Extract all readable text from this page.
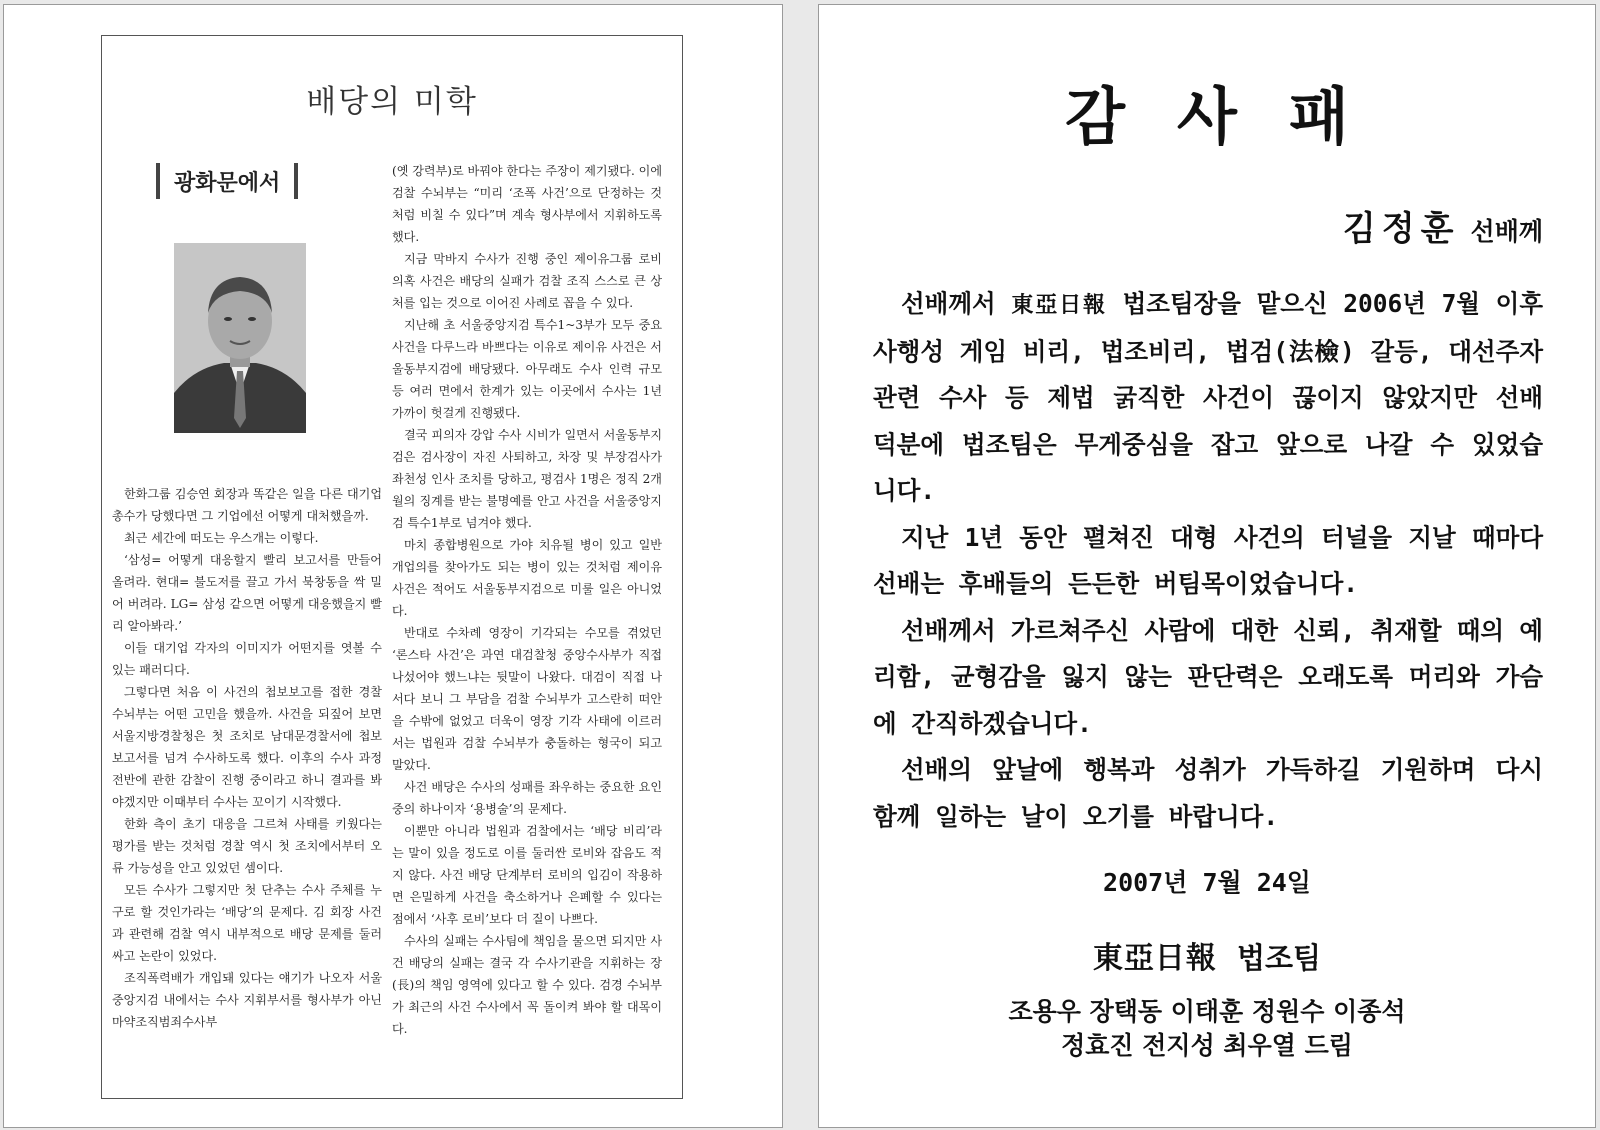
배당의 미학
광화문에서

한화그룹 김승연 회장과 똑같은 일을 다른 대기업 총수가 당했다면 그 기업에선 어떻게 대처했을까.

최근 세간에 떠도는 우스개는 이렇다.

‘삼성= 어떻게 대응할지 빨리 보고서를 만들어 올려라. 현대= 불도저를 끌고 가서 북창동을 싹 밀어 버려라. LG= 삼성 같으면 어떻게 대응했을지 빨리 알아봐라.’

이들 대기업 각자의 이미지가 어떤지를 엿볼 수 있는 패러디다.

그렇다면 처음 이 사건의 첩보보고를 접한 경찰 수뇌부는 어떤 고민을 했을까. 사건을 되짚어 보면 서울지방경찰청은 첫 조치로 남대문경찰서에 첩보보고서를 넘겨 수사하도록 했다. 이후의 수사 과정 전반에 관한 감찰이 진행 중이라고 하니 결과를 봐야겠지만 이때부터 수사는 꼬이기 시작했다.

한화 측이 초기 대응을 그르쳐 사태를 키웠다는 평가를 받는 것처럼 경찰 역시 첫 조치에서부터 오류 가능성을 안고 있었던 셈이다.

모든 수사가 그렇지만 첫 단추는 수사 주체를 누구로 할 것인가라는 ‘배당’의 문제다. 김 회장 사건과 관련해 검찰 역시 내부적으로 배당 문제를 둘러싸고 논란이 있었다.

조직폭력배가 개입돼 있다는 얘기가 나오자 서울중앙지검 내에서는 수사 지휘부서를 형사부가 아닌 마약조직범죄수사부

(옛 강력부)로 바꿔야 한다는 주장이 제기됐다. 이에 검찰 수뇌부는 “미리 ‘조폭 사건’으로 단정하는 것처럼 비칠 수 있다”며 계속 형사부에서 지휘하도록 했다.

지금 막바지 수사가 진행 중인 제이유그룹 로비 의혹 사건은 배당의 실패가 검찰 조직 스스로 큰 상처를 입는 것으로 이어진 사례로 꼽을 수 있다.

지난해 초 서울중앙지검 특수1~3부가 모두 중요 사건을 다루느라 바쁘다는 이유로 제이유 사건은 서울동부지검에 배당됐다. 아무래도 수사 인력 규모 등 여러 면에서 한계가 있는 이곳에서 수사는 1년 가까이 헛걸게 진행됐다.

결국 피의자 강압 수사 시비가 일면서 서울동부지검은 검사장이 자진 사퇴하고, 차장 및 부장검사가 좌천성 인사 조치를 당하고, 평검사 1명은 정직 2개월의 징계를 받는 불명예를 안고 사건을 서울중앙지검 특수1부로 넘겨야 했다.

마치 종합병원으로 가야 치유될 병이 있고 일반 개업의를 찾아가도 되는 병이 있는 것처럼 제이유 사건은 적어도 서울동부지검으로 미룰 일은 아니었다.

반대로 수차례 영장이 기각되는 수모를 겪었던 ‘론스타 사건’은 과연 대검찰청 중앙수사부가 직접 나섰어야 했느냐는 뒷말이 나왔다. 대검이 직접 나서다 보니 그 부담을 검찰 수뇌부가 고스란히 떠안을 수밖에 없었고 더욱이 영장 기각 사태에 이르러서는 법원과 검찰 수뇌부가 충돌하는 형국이 되고 말았다.

사건 배당은 수사의 성패를 좌우하는 중요한 요인 중의 하나이자 ‘용병술’의 문제다.

이뿐만 아니라 법원과 검찰에서는 ‘배당 비리’라는 말이 있을 정도로 이를 둘러싼 로비와 잡음도 적지 않다. 사건 배당 단계부터 로비의 입김이 작용하면 은밀하게 사건을 축소하거나 은폐할 수 있다는 점에서 ‘사후 로비’보다 더 질이 나쁘다.

수사의 실패는 수사팀에 책임을 물으면 되지만 사건 배당의 실패는 결국 각 수사기관을 지휘하는 장(長)의 책임 영역에 있다고 할 수 있다. 검경 수뇌부가 최근의 사건 수사에서 꼭 돌이켜 봐야 할 대목이다.

감사패
김정훈 선배께

선배께서 東亞日報 법조팀장을 맡으신 2006년 7월 이후 사행성 게임 비리, 법조비리, 법검(法檢) 갈등, 대선주자 관련 수사 등 제법 굵직한 사건이 끊이지 않았지만 선배 덕분에 법조팀은 무게중심을 잡고 앞으로 나갈 수 있었습니다.

지난 1년 동안 펼쳐진 대형 사건의 터널을 지날 때마다 선배는 후배들의 든든한 버팀목이었습니다.

선배께서 가르쳐주신 사람에 대한 신뢰, 취재할 때의 예리함, 균형감을 잃지 않는 판단력은 오래도록 머리와 가슴에 간직하겠습니다.

선배의 앞날에 행복과 성취가 가득하길 기원하며 다시 함께 일하는 날이 오기를 바랍니다.

2007년 7월 24일
東亞日報 법조팀
조용우 장택동 이태훈 정원수 이종석
정효진 전지성 최우열 드림
